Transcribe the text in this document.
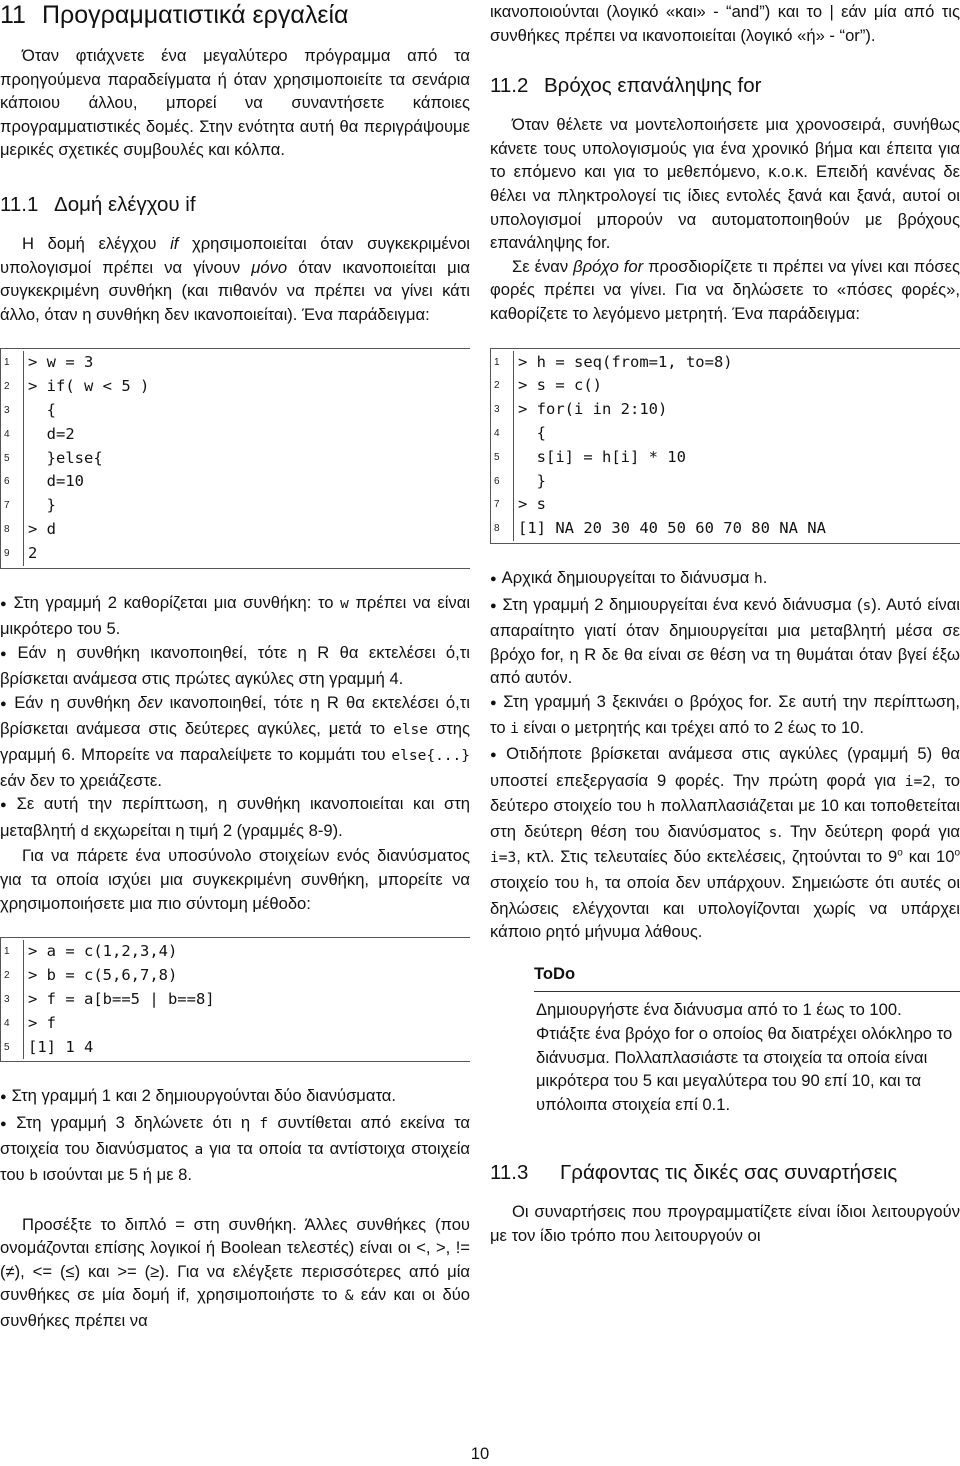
11 Προγραμματιστικά εργαλεία

Όταν φτιάχνετε ένα μεγαλύτερο πρόγραμμα από τα προηγούμενα παραδείγματα ή όταν χρησιμοποιείτε τα σενάρια κάποιου άλλου, μπορεί να συναντήσετε κάποιες προγραμματιστικές δομές. Στην ενότητα αυτή θα περιγράψουμε μερικές σχετικές συμβουλές και κόλπα.

11.1 Δομή ελέγχου if

Η δομή ελέγχου if χρησιμοποιείται όταν συγκεκριμένοι υπολογισμοί πρέπει να γίνουν μόνο όταν ικανοποιείται μια συγκεκριμένη συνθήκη (και πιθανόν να πρέπει να γίνει κάτι άλλο, όταν η συνθήκη δεν ικανοποιείται). Ένα παράδειγμα:

1	> w = 3
2	> if( w < 5 )
3	{
4	d=2
5	}else{
6	d=10
7	}
8	> d
9	2

● Στη γραμμή 2 καθορίζεται μια συνθήκη: το w πρέπει να είναι μικρότερο του 5.

● Εάν η συνθήκη ικανοποιηθεί, τότε η R θα εκτελέσει ό,τι βρίσκεται ανάμεσα στις πρώτες αγκύλες στη γραμμή 4.

● Εάν η συνθήκη δεν ικανοποιηθεί, τότε η R θα εκτελέσει ό,τι βρίσκεται ανάμεσα στις δεύτερες αγκύλες, μετά το else στης γραμμή 6. Μπορείτε να παραλείψετε το κομμάτι του else{...} εάν δεν το χρειάζεστε.

● Σε αυτή την περίπτωση, η συνθήκη ικανοποιείται και στη μεταβλητή d εκχωρείται η τιμή 2 (γραμμές 8-9).

Για να πάρετε ένα υποσύνολο στοιχείων ενός διανύσματος για τα οποία ισχύει μια συγκεκριμένη συνθήκη, μπορείτε να χρησιμοποιήσετε μια πιο σύντομη μέθοδο:

1	> a = c(1,2,3,4)
2	> b = c(5,6,7,8)
3	> f = a[b==5 | b==8]
4	> f
5	[1] 1 4

● Στη γραμμή 1 και 2 δημιουργούνται δύο διανύσματα.

● Στη γραμμή 3 δηλώνετε ότι η f συντίθεται από εκείνα τα στοιχεία του διανύσματος a για τα οποία τα αντίστοιχα στοιχεία του b ισούνται με 5 ή με 8.

Προσέξτε το διπλό = στη συνθήκη. Άλλες συνθήκες (που ονομάζονται επίσης λογικοί ή Boolean τελεστές) είναι οι <, >, != (≠), <= (≤) και >= (≥). Για να ελέγξετε περισσότερες από μία συνθήκες σε μία δομή if, χρησιμοποιήστε το & εάν και οι δύο συνθήκες πρέπει να

ικανοποιούνται (λογικό «και» - “and”) και το | εάν μία από τις συνθήκες πρέπει να ικανοποιείται (λογικό «ή» - “or”).

11.2 Βρόχος επανάληψης for

Όταν θέλετε να μοντελοποιήσετε μια χρονοσειρά, συνήθως κάνετε τους υπολογισμούς για ένα χρονικό βήμα και έπειτα για το επόμενο και για το μεθεπόμενο, κ.ο.κ. Επειδή κανένας δε θέλει να πληκτρολογεί τις ίδιες εντολές ξανά και ξανά, αυτοί οι υπολογισμοί μπορούν να αυτοματοποιηθούν με βρόχους επανάληψης for.

Σε έναν βρόχο for προσδιορίζετε τι πρέπει να γίνει και πόσες φορές πρέπει να γίνει. Για να δηλώσετε το «πόσες φορές», καθορίζετε το λεγόμενο μετρητή. Ένα παράδειγμα:

1	> h = seq(from=1, to=8)
2	> s = c()
3	> for(i in 2:10)
4	{
5	s[i] = h[i] * 10
6	}
7	> s
8	[1] NA 20 30 40 50 60 70 80 NA NA

● Αρχικά δημιουργείται το διάνυσμα h.

● Στη γραμμή 2 δημιουργείται ένα κενό διάνυσμα (s). Αυτό είναι απαραίτητο γιατί όταν δημιουργείται μια μεταβλητή μέσα σε βρόχο for, η R δε θα είναι σε θέση να τη θυμάται όταν βγεί έξω από αυτόν.

● Στη γραμμή 3 ξεκινάει ο βρόχος for. Σε αυτή την περίπτωση, το i είναι ο μετρητής και τρέχει από το 2 έως το 10.

● Οτιδήποτε βρίσκεται ανάμεσα στις αγκύλες (γραμμή 5) θα υποστεί επεξεργασία 9 φορές. Την πρώτη φορά για i=2, το δεύτερο στοιχείο του h πολλαπλασιάζεται με 10 και τοποθετείται στη δεύτερη θέση του διανύσματος s. Την δεύτερη φορά για i=3, κτλ. Στις τελευταίες δύο εκτελέσεις, ζητούνται το $9^o$ και $10^o$ στοιχείο του h, τα οποία δεν υπάρχουν. Σημειώστε ότι αυτές οι δηλώσεις ελέγχονται και υπολογίζονται χωρίς να υπάρχει κάποιο ρητό μήνυμα λάθους.

ToDo

Δημιουργήστε ένα διάνυσμα από το 1 έως το 100. Φτιάξτε ένα βρόχο for ο οποίος θα διατρέχει ολόκληρο το διάνυσμα. Πολλαπλασιάστε τα στοιχεία τα οποία είναι μικρότερα του 5 και μεγαλύτερα του 90 επί 10, και τα υπόλοιπα στοιχεία επί 0.1.

11.3	Γράφοντας τις δικές σας συναρτήσεις

Οι συναρτήσεις που προγραμματίζετε είναι ίδιοι λειτουργούν με τον ίδιο τρόπο που λειτουργούν οι

10
